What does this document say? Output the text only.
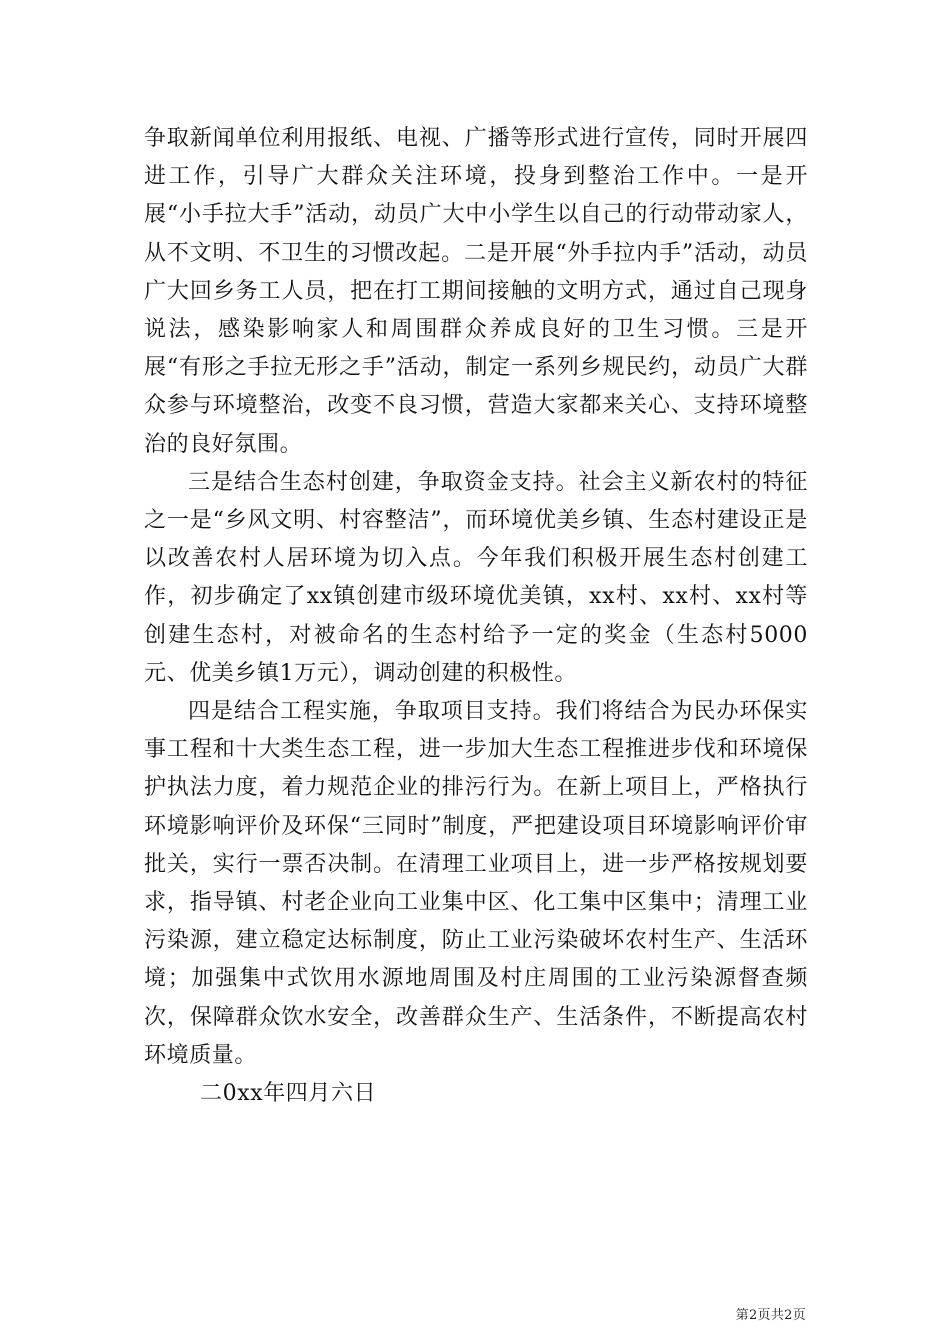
争取新闻单位利用报纸、电视、广播等形式进行宣传，同时开展四进工作，引导广大群众关注环境，投身到整治工作中。一是开展“小手拉大手”活动，动员广大中小学生以自己的行动带动家人，从不文明、不卫生的习惯改起。二是开展“外手拉内手”活动，动员广大回乡务工人员，把在打工期间接触的文明方式，通过自己现身说法，感染影响家人和周围群众养成良好的卫生习惯。三是开展“有形之手拉无形之手”活动，制定一系列乡规民约，动员广大群众参与环境整治，改变不良习惯，营造大家都来关心、支持环境整治的良好氛围。

三是结合生态村创建，争取资金支持。社会主义新农村的特征之一是“乡风文明、村容整洁”，而环境优美乡镇、生态村建设正是以改善农村人居环境为切入点。今年我们积极开展生态村创建工作，初步确定了xx镇创建市级环境优美镇，xx村、xx村、xx村等创建生态村，对被命名的生态村给予一定的奖金（生态村5000元、优美乡镇1万元），调动创建的积极性。

四是结合工程实施，争取项目支持。我们将结合为民办环保实事工程和十大类生态工程，进一步加大生态工程推进步伐和环境保护执法力度，着力规范企业的排污行为。在新上项目上，严格执行环境影响评价及环保“三同时”制度，严把建设项目环境影响评价审批关，实行一票否决制。在清理工业项目上，进一步严格按规划要求，指导镇、村老企业向工业集中区、化工集中区集中；清理工业污染源，建立稳定达标制度，防止工业污染破坏农村生产、生活环境；加强集中式饮用水源地周围及村庄周围的工业污染源督查频次，保障群众饮水安全，改善群众生产、生活条件，不断提高农村环境质量。

二0xx年四月六日

第2页共2页
